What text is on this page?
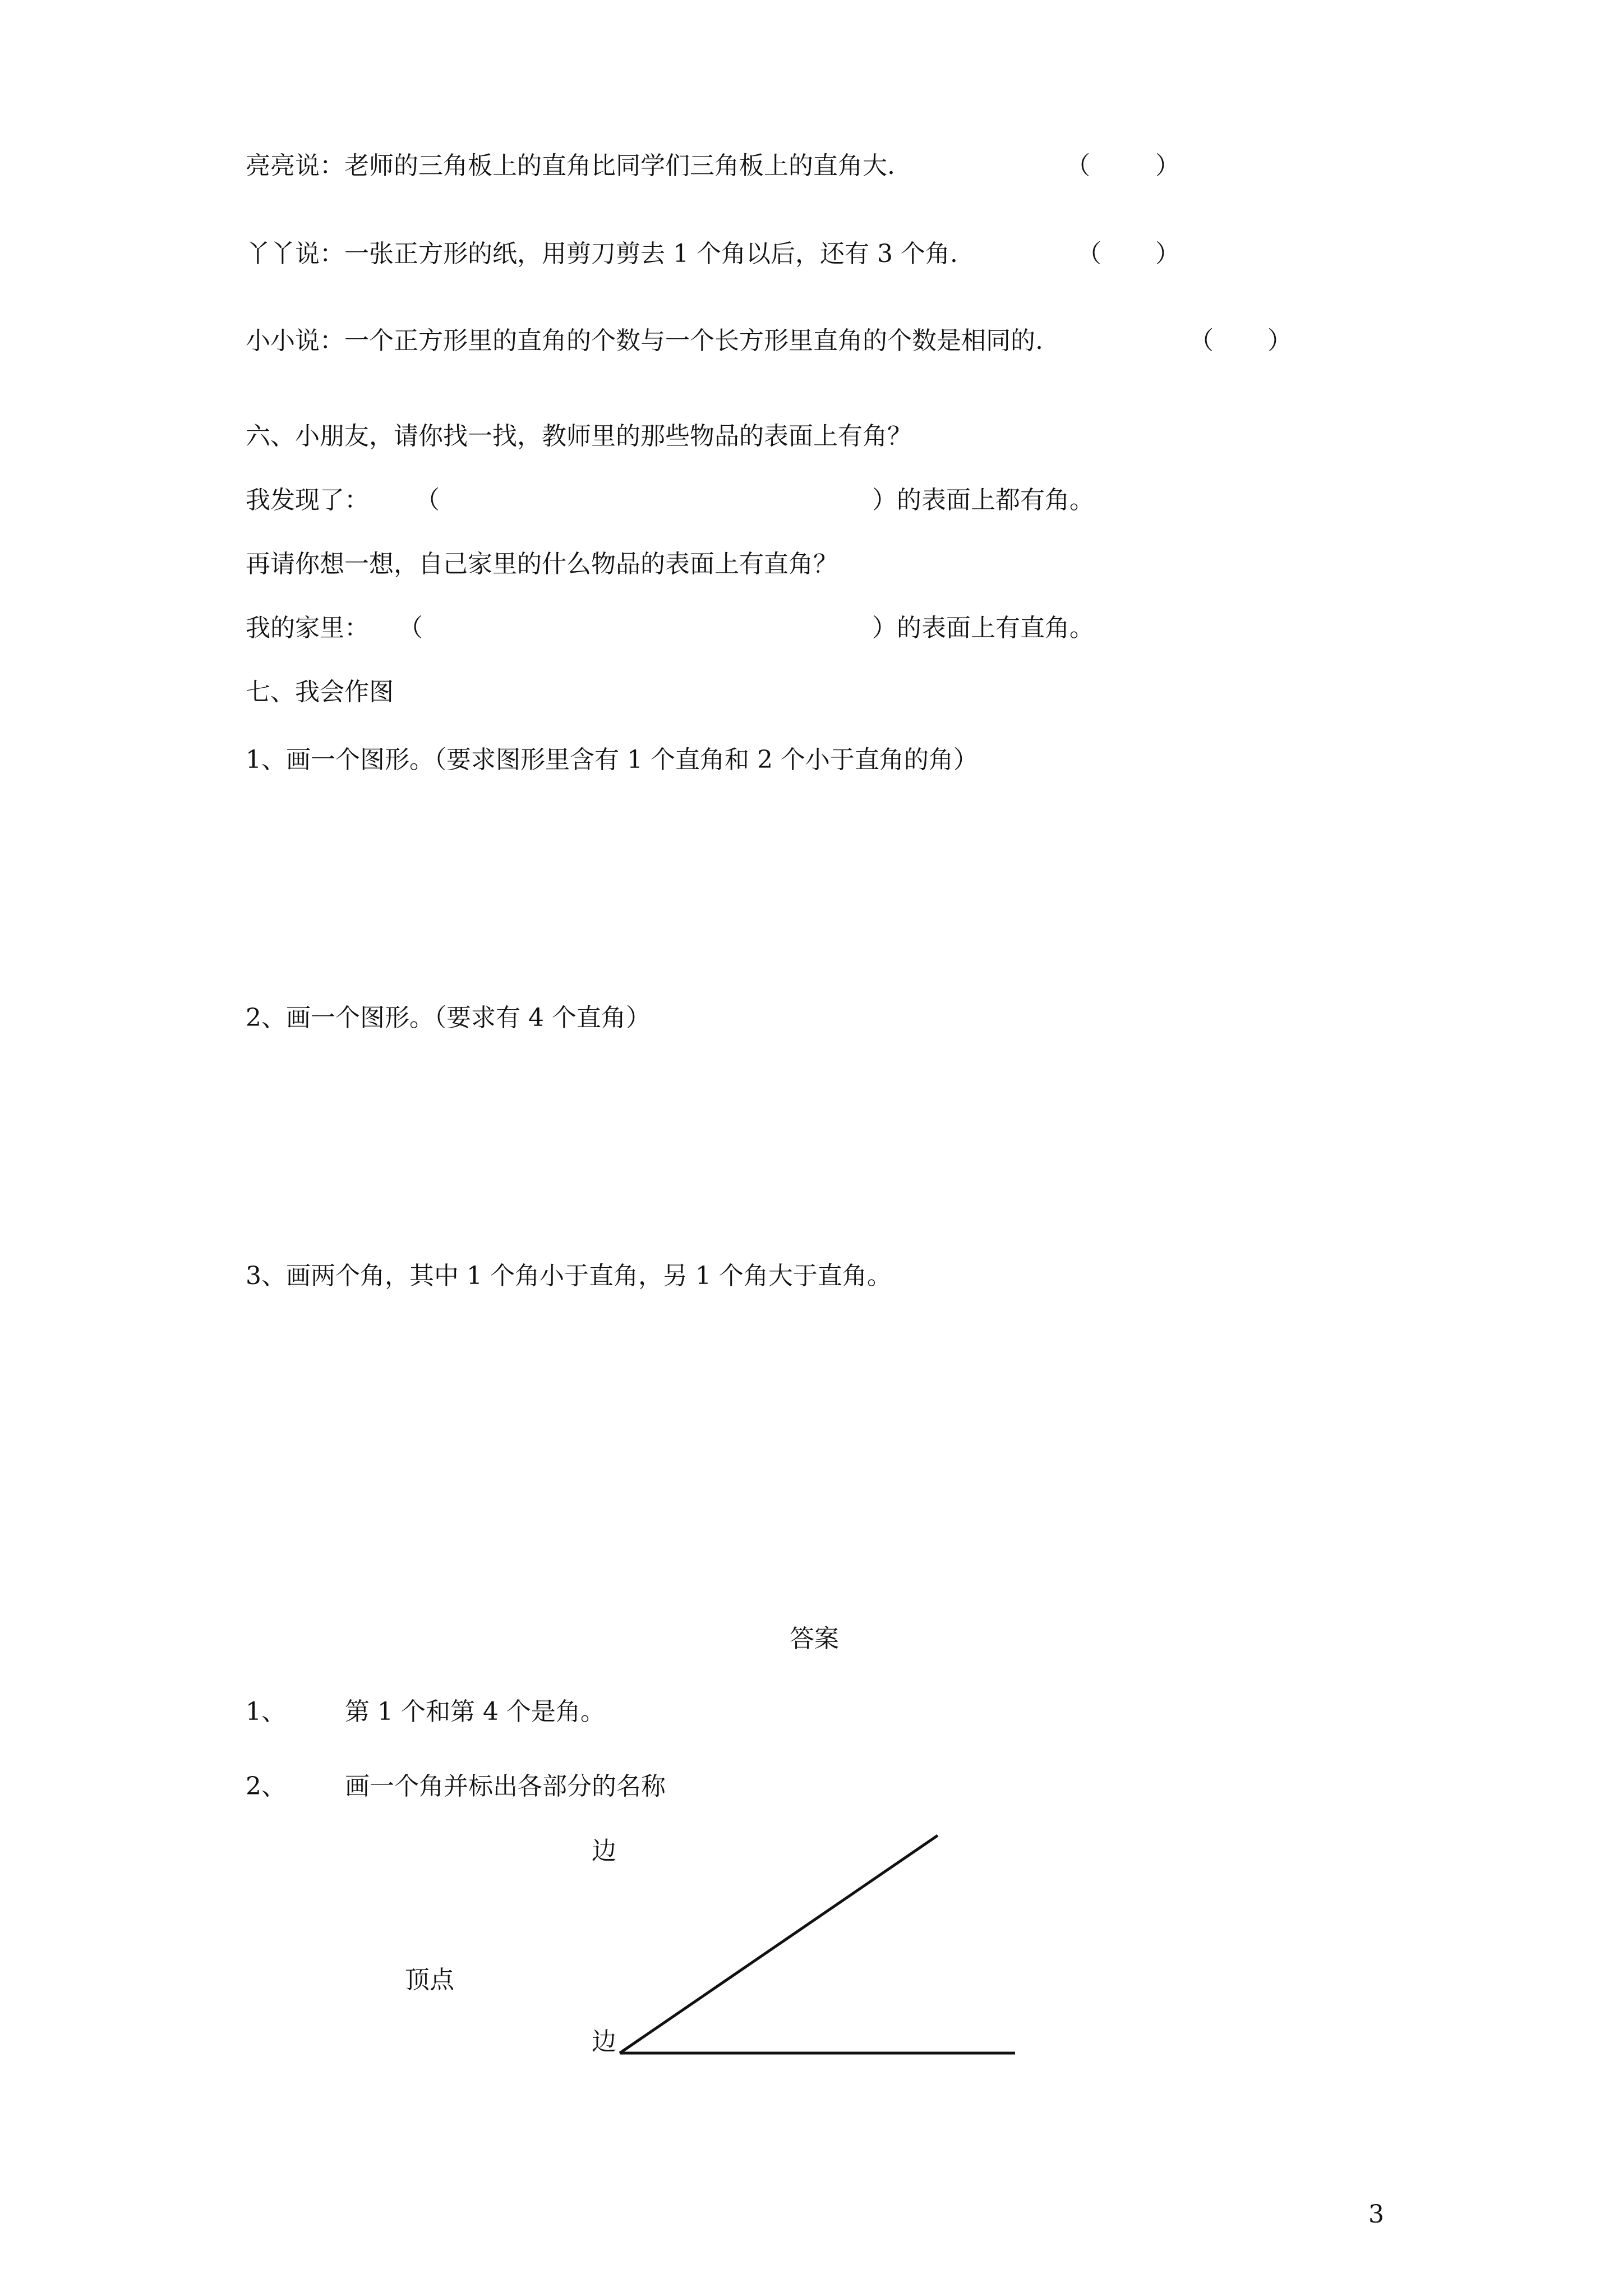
亮亮说：老师的三角板上的直角比同学们三角板上的直角大.	（	）
丫丫说：一张正方形的纸，用剪刀剪去 1 个角以后，还有 3 个角.	（ ）
小小说：一个正方形里的直角的个数与一个长方形里直角的个数是相同的.	（ ）
六、小朋友，请你找一找，教师里的那些物品的表面上有角？
我发现了： （	）的表面上都有角。
再请你想一想，自己家里的什么物品的表面上有直角？
我的家里： （	）的表面上有直角。
七、我会作图
1、画一个图形。（要求图形里含有 1 个直角和 2 个小于直角的角）
2、画一个图形。（要求有 4 个直角）
3、画两个角，其中 1 个角小于直角，另 1 个角大于直角。
答案
1、 第 1 个和第 4 个是角。
2、 画一个角并标出各部分的名称
边
顶点
边
3
